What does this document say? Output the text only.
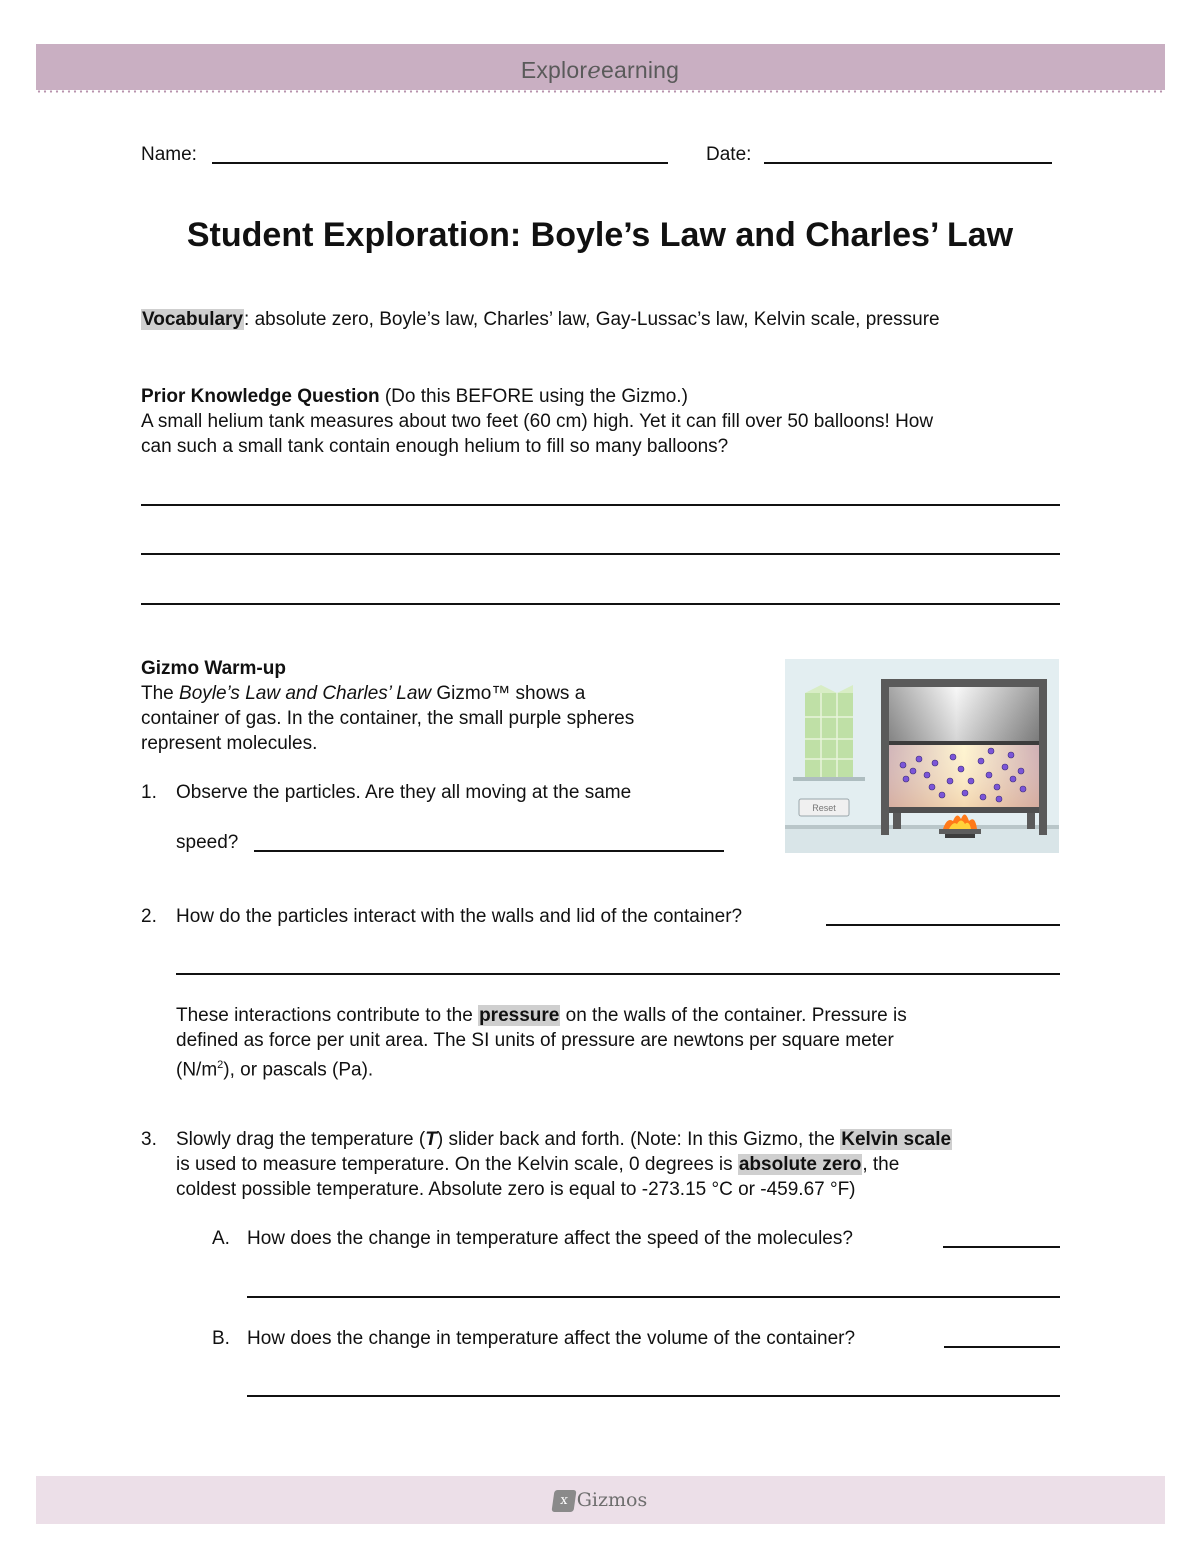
Exploreearning
Name:	Date:
Student Exploration: Boyle’s Law and Charles’ Law
Vocabulary: absolute zero, Boyle’s law, Charles’ law, Gay-Lussac’s law, Kelvin scale, pressure
Prior Knowledge Question (Do this BEFORE using the Gizmo.)
A small helium tank measures about two feet (60 cm) high. Yet it can fill over 50 balloons! How
can such a small tank contain enough helium to fill so many balloons?
Gizmo Warm-up
The Boyle’s Law and Charles’ Law Gizmo™ shows a
container of gas. In the container, the small purple spheres
represent molecules.
Reset
1. Observe the particles. Are they all moving at the same
speed?
2. How do the particles interact with the walls and lid of the container?
These interactions contribute to the pressure on the walls of the container. Pressure is
defined as force per unit area. The SI units of pressure are newtons per square meter
$(N/m^2)$, or pascals (Pa).
3. Slowly drag the temperature (T) slider back and forth. (Note: In this Gizmo, the Kelvin scale
is used to measure temperature. On the Kelvin scale, 0 degrees is absolute zero, the
coldest possible temperature. Absolute zero is equal to -273.15 °C or -459.67 °F)
A. How does the change in temperature affect the speed of the molecules?
B. How does the change in temperature affect the volume of the container?
x Gizmos
